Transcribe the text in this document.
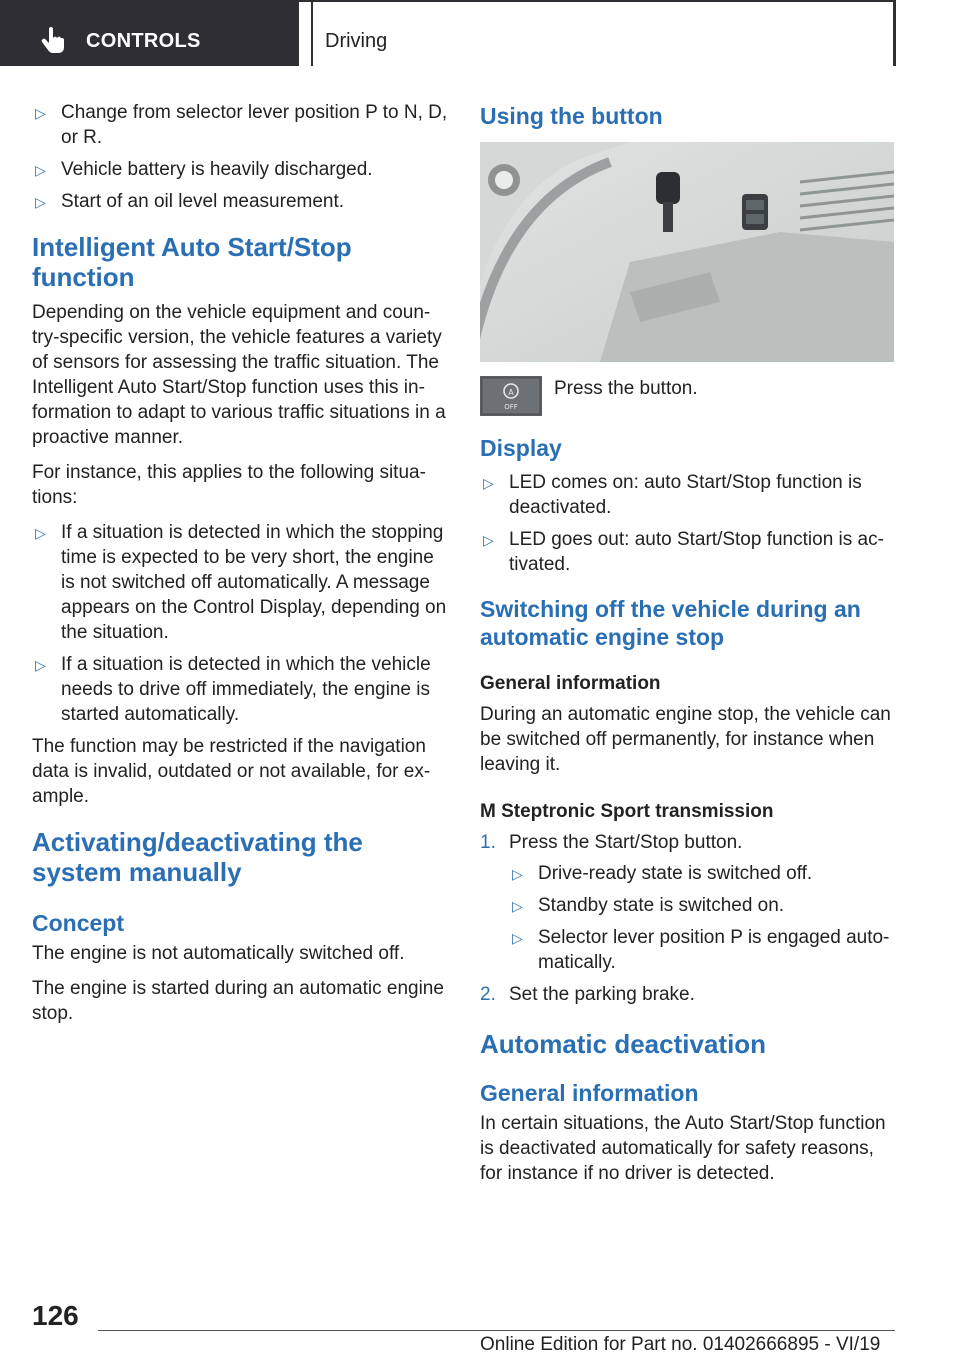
CONTROLS	Driving
▷ Change from selector lever position P to N, D, or R.
▷ Vehicle battery is heavily discharged.
▷ Start of an oil level measurement.
Intelligent Auto Start/Stop function

Depending on the vehicle equipment and coun‐try-specific version, the vehicle features a variety of sensors for assessing the traffic situation. The Intelligent Auto Start/Stop function uses this in‐formation to adapt to various traffic situations in a proactive manner.

For instance, this applies to the following situa‐tions:

▷ If a situation is detected in which the stopping time is expected to be very short, the engine is not switched off automatically. A message appears on the Control Display, depending on the situation.
▷ If a situation is detected in which the vehicle needs to drive off immediately, the engine is started automatically.

The function may be restricted if the navigation data is invalid, outdated or not available, for ex‐ample.

Activating/deactivating the system manually
Concept

The engine is not automatically switched off.

The engine is started during an automatic engine stop.

Using the button
A
OFF
Press the button.
Display
▷ LED comes on: auto Start/Stop function is deactivated.
▷ LED goes out: auto Start/Stop function is ac‐tivated.
Switching off the vehicle during an automatic engine stop
General information

During an automatic engine stop, the vehicle can be switched off permanently, for instance when leaving it.

M Steptronic Sport transmission
1. Press the Start/Stop button.
▷ Drive-ready state is switched off.
▷ Standby state is switched on.
▷ Selector lever position P is engaged auto‐matically.
2. Set the parking brake.
Automatic deactivation
General information

In certain situations, the Auto Start/Stop function is deactivated automatically for safety reasons, for instance if no driver is detected.

126
Online Edition for Part no. 01402666895 - VI/19
